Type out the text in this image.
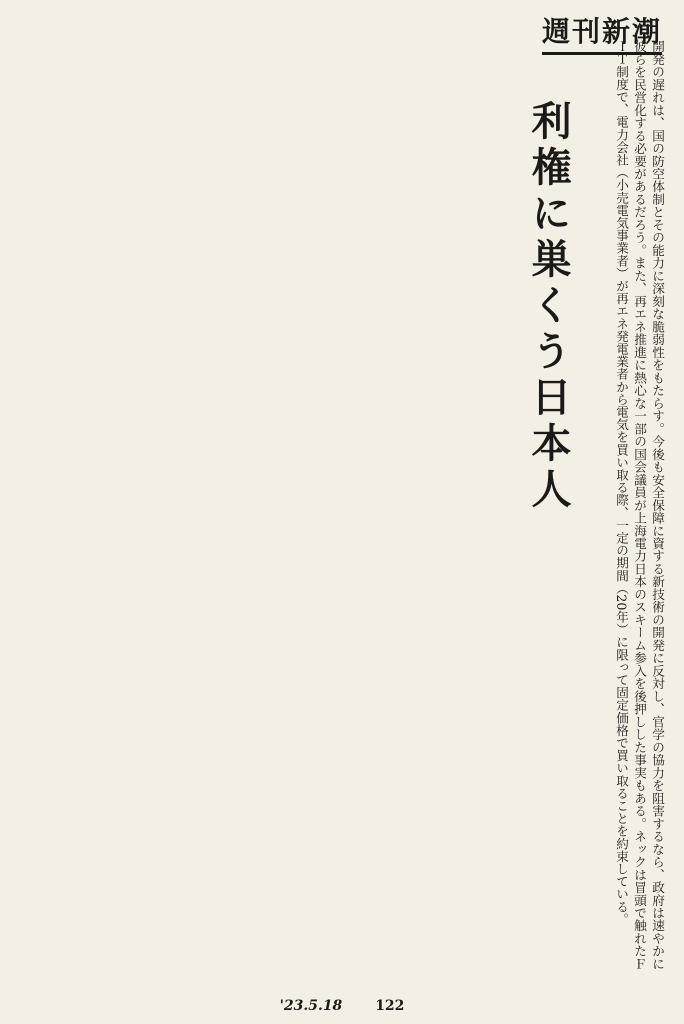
週刊新潮
利権に巣くう日本人	開発の遅れは、国の防空体制とその能力に深刻な脆弱性をもたらす。今後も安全保障に資する新技術の開発に反対し、官学の協力を阻害するなら、政府は速やかに彼らを民営化する必要があるだろう。また、再エネ推進に熱心な一部の国会議員が上海電力日本のスキーム参入を後押しした事実もある。ネックは冒頭で触れたＦＩＴ制度で、電力会社（小売電気事業者）が再エネ発電業者から電気を買い取る際、一定の期間（20年）に限って固定価格で買い取ることを約束している。
'23.5.18 122
